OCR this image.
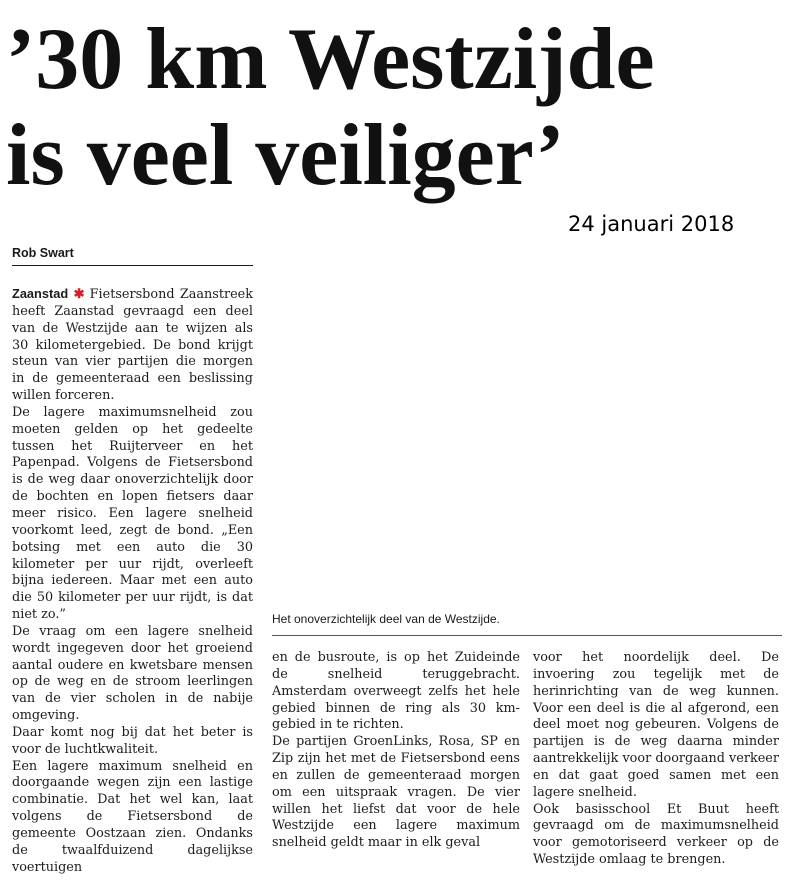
’30 km Westzijde
is veel veiliger’
24 januari 2018
Rob Swart
Het onoverzichtelijk deel van de Westzijde.

Zaanstad ✱ Fietsersbond Zaanstreek heeft Zaanstad gevraagd een deel van de Westzijde aan te wijzen als 30 kilometergebied. De bond krijgt steun van vier partijen die morgen in de gemeenteraad een beslissing willen forceren.

De lagere maximumsnelheid zou moeten gelden op het gedeelte tussen het Ruijterveer en het Papenpad. Volgens de Fietsersbond is de weg daar onoverzichtelijk door de bochten en lopen fietsers daar meer risico. Een lagere snelheid voorkomt leed, zegt de bond. „Een botsing met een auto die 30 kilometer per uur rijdt, overleeft bijna iedereen. Maar met een auto die 50 kilometer per uur rijdt, is dat niet zo.”

De vraag om een lagere snelheid wordt ingegeven door het groeiend aantal oudere en kwetsbare mensen op de weg en de stroom leerlingen van de vier scholen in de nabije omgeving.

Daar komt nog bij dat het beter is voor de luchtkwaliteit.

Een lagere maximum snelheid en doorgaande wegen zijn een lastige combinatie. Dat het wel kan, laat volgens de Fietsersbond de gemeente Oostzaan zien. Ondanks de twaalfduizend dagelijkse voertuigen

en de busroute, is op het Zuideinde de snelheid teruggebracht. Amsterdam overweegt zelfs het hele gebied binnen de ring als 30 km-gebied in te richten.

De partijen GroenLinks, Rosa, SP en Zip zijn het met de Fietsersbond eens en zullen de gemeenteraad morgen om een uitspraak vragen. De vier willen het liefst dat voor de hele Westzijde een lagere maximum snelheid geldt maar in elk geval

voor het noordelijk deel. De invoering zou tegelijk met de herinrichting van de weg kunnen. Voor een deel is die al afgerond, een deel moet nog gebeuren. Volgens de partijen is de weg daarna minder aantrekkelijk voor doorgaand verkeer en dat gaat goed samen met een lagere snelheid.

Ook basisschool Et Buut heeft gevraagd om de maximumsnelheid voor gemotoriseerd verkeer op de Westzijde omlaag te brengen.
